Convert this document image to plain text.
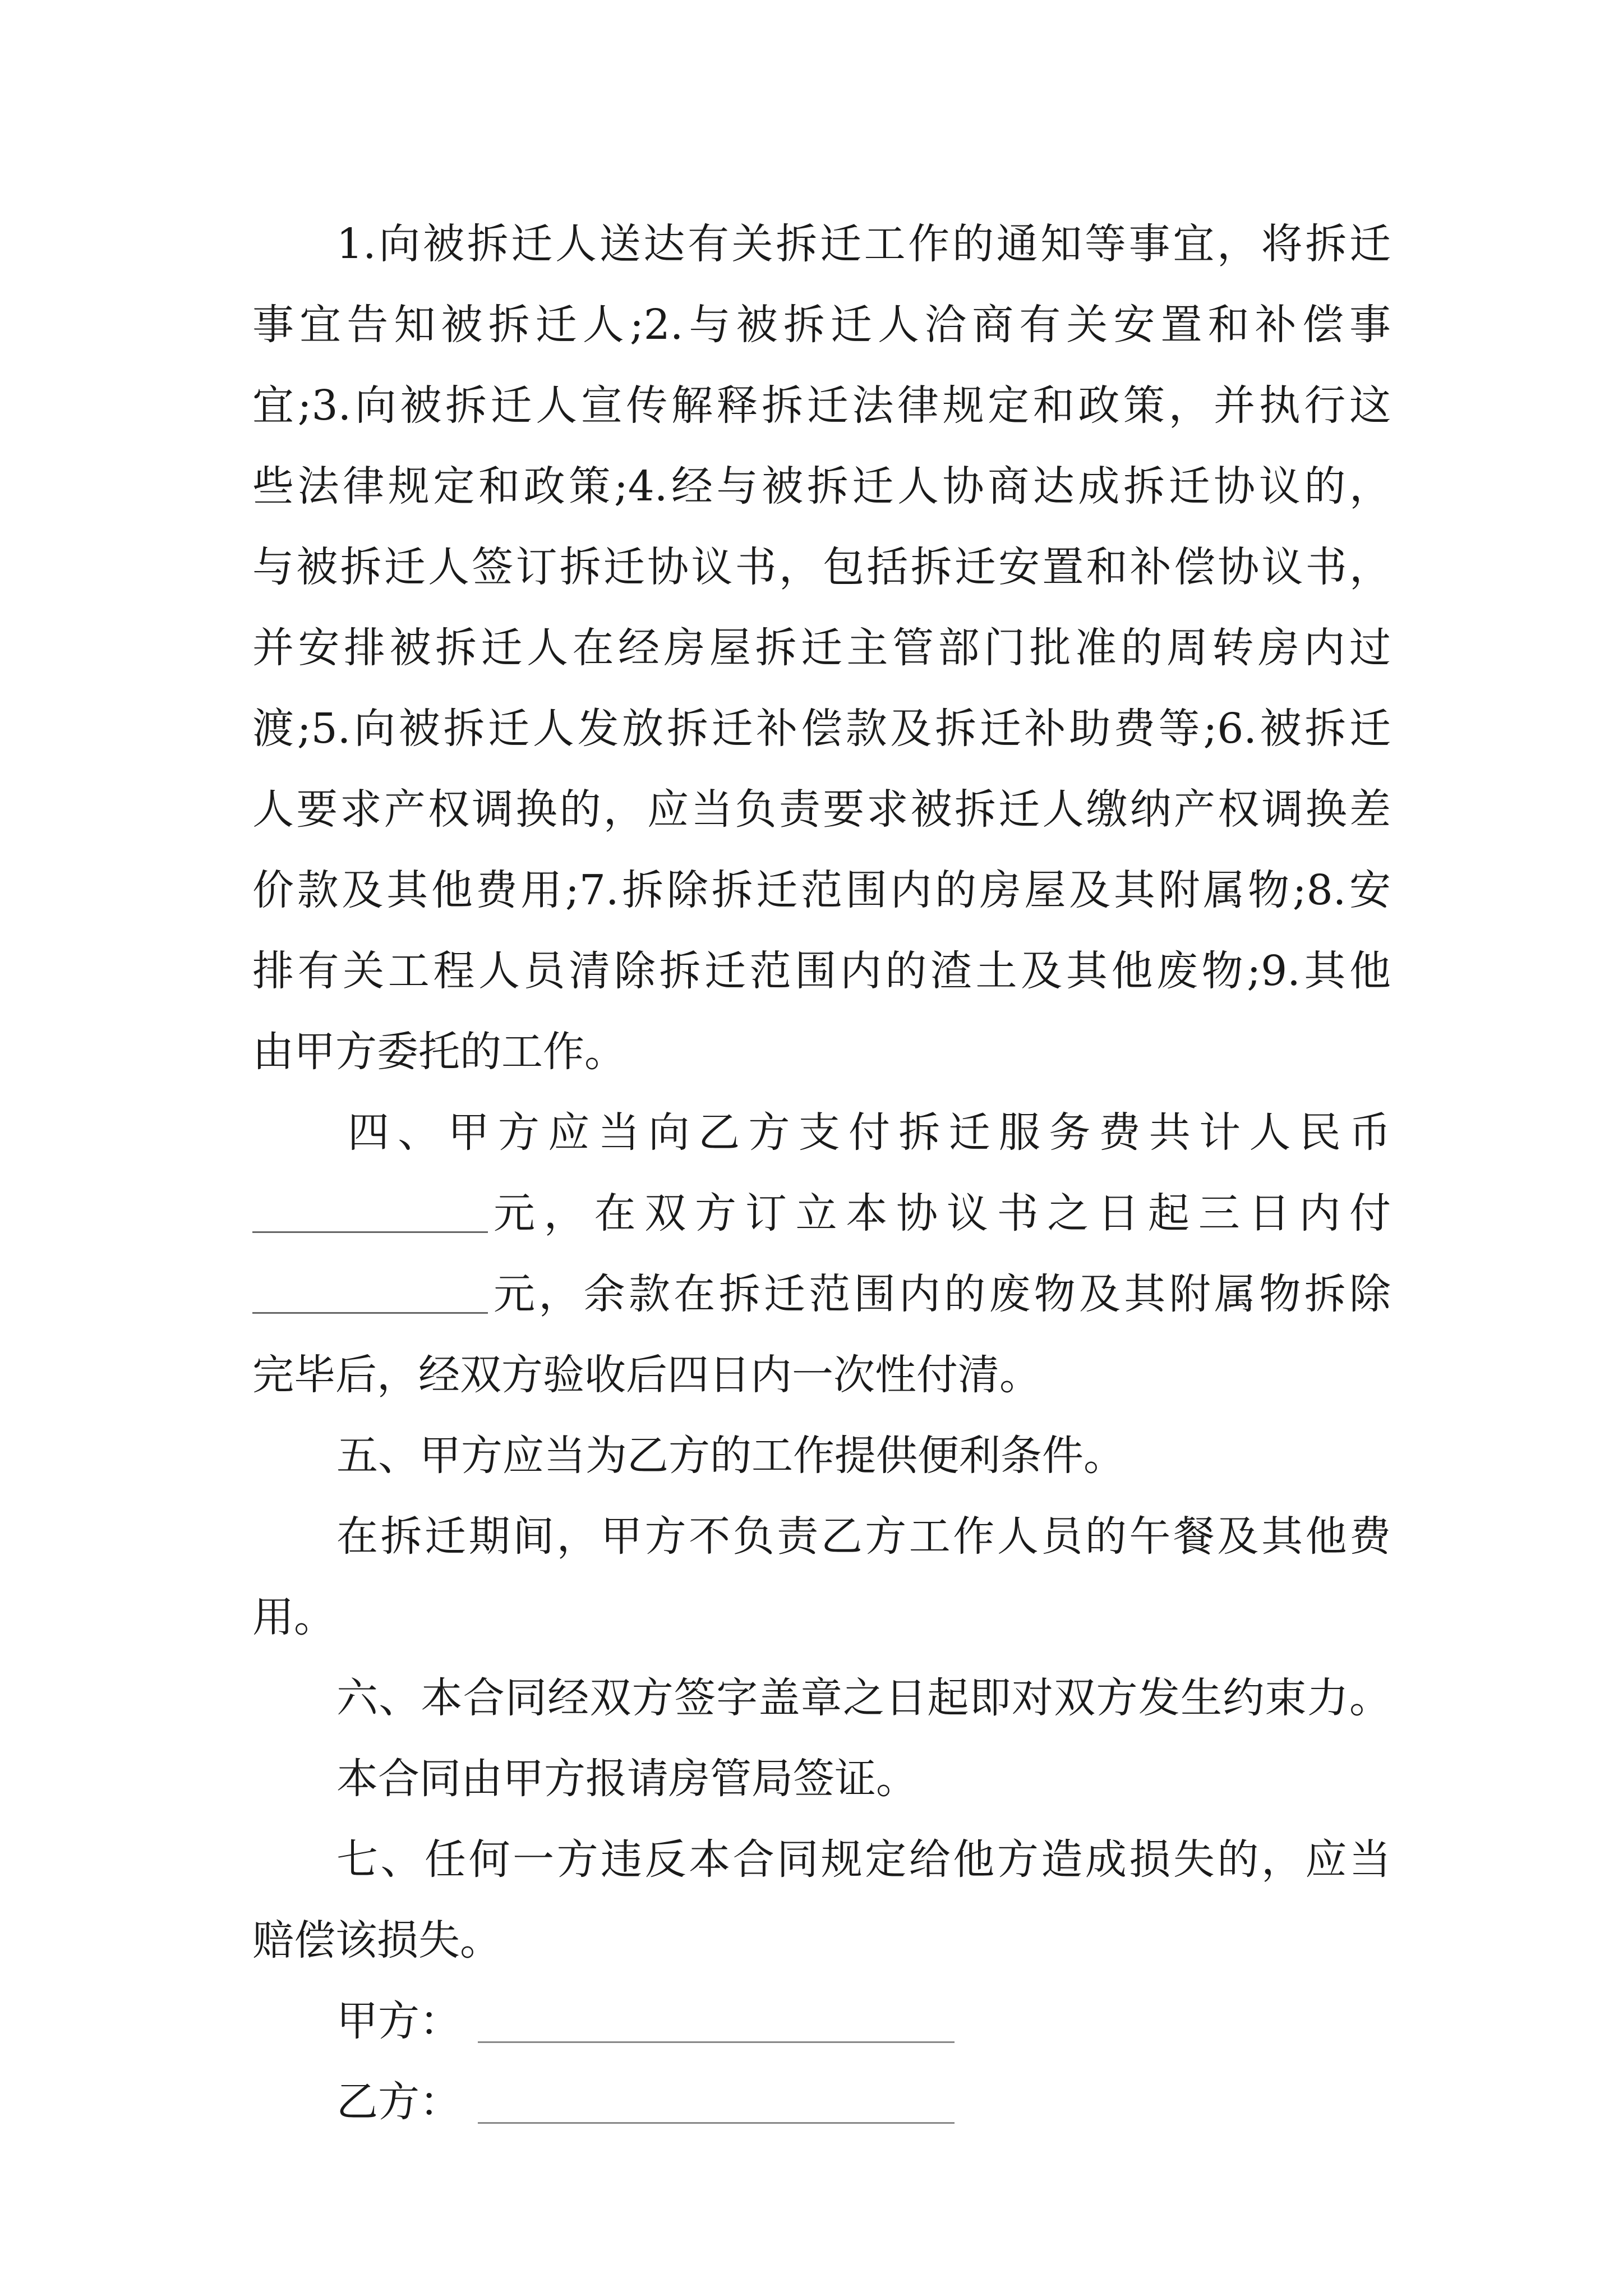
1.向被拆迁人送达有关拆迁工作的通知等事宜，将拆迁
事宜告知被拆迁人;2.与被拆迁人洽商有关安置和补偿事
宜;3.向被拆迁人宣传解释拆迁法律规定和政策，并执行这
些法律规定和政策;4.经与被拆迁人协商达成拆迁协议的，
与被拆迁人签订拆迁协议书，包括拆迁安置和补偿协议书，
并安排被拆迁人在经房屋拆迁主管部门批准的周转房内过
渡;5.向被拆迁人发放拆迁补偿款及拆迁补助费等;6.被拆迁
人要求产权调换的，应当负责要求被拆迁人缴纳产权调换差
价款及其他费用;7.拆除拆迁范围内的房屋及其附属物;8.安
排有关工程人员清除拆迁范围内的渣土及其他废物;9.其他
由甲方委托的工作。
四、甲方应当向乙方支付拆迁服务费共计人民币
元，在双方订立本协议书之日起三日内付
元，余款在拆迁范围内的废物及其附属物拆除
完毕后，经双方验收后四日内一次性付清。
五、甲方应当为乙方的工作提供便利条件。
在拆迁期间，甲方不负责乙方工作人员的午餐及其他费
用。
六、本合同经双方签字盖章之日起即对双方发生约束力。
本合同由甲方报请房管局签证。
七、任何一方违反本合同规定给他方造成损失的，应当
赔偿该损失。
甲方：
乙方：
